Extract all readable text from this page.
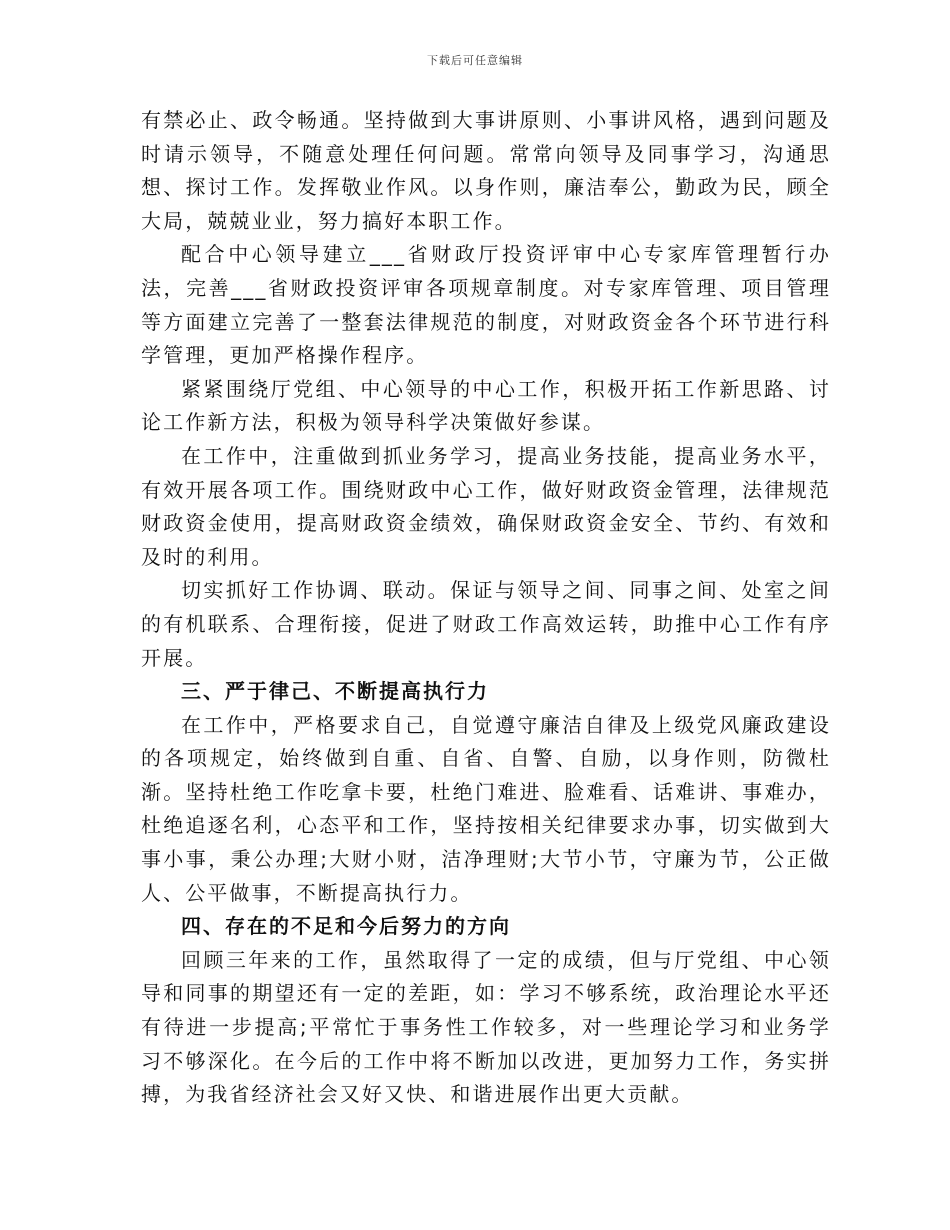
下载后可任意编辑

有禁必止、政令畅通。坚持做到大事讲原则、小事讲风格，遇到问题及时请示领导，不随意处理任何问题。常常向领导及同事学习，沟通思想、探讨工作。发挥敬业作风。以身作则，廉洁奉公，勤政为民，顾全大局，兢兢业业，努力搞好本职工作。

配合中心领导建立___省财政厅投资评审中心专家库管理暂行办法，完善___省财政投资评审各项规章制度。对专家库管理、项目管理等方面建立完善了一整套法律规范的制度，对财政资金各个环节进行科学管理，更加严格操作程序。

紧紧围绕厅党组、中心领导的中心工作，积极开拓工作新思路、讨论工作新方法，积极为领导科学决策做好参谋。

在工作中，注重做到抓业务学习，提高业务技能，提高业务水平，有效开展各项工作。围绕财政中心工作，做好财政资金管理，法律规范财政资金使用，提高财政资金绩效，确保财政资金安全、节约、有效和及时的利用。

切实抓好工作协调、联动。保证与领导之间、同事之间、处室之间的有机联系、合理衔接，促进了财政工作高效运转，助推中心工作有序开展。

三、严于律己、不断提高执行力

在工作中，严格要求自己，自觉遵守廉洁自律及上级党风廉政建设的各项规定，始终做到自重、自省、自警、自励，以身作则，防微杜渐。坚持杜绝工作吃拿卡要，杜绝门难进、脸难看、话难讲、事难办，杜绝追逐名利，心态平和工作，坚持按相关纪律要求办事，切实做到大事小事，秉公办理;大财小财，洁净理财;大节小节，守廉为节，公正做人、公平做事，不断提高执行力。

四、存在的不足和今后努力的方向

回顾三年来的工作，虽然取得了一定的成绩，但与厅党组、中心领导和同事的期望还有一定的差距，如：学习不够系统，政治理论水平还有待进一步提高;平常忙于事务性工作较多，对一些理论学习和业务学习不够深化。在今后的工作中将不断加以改进，更加努力工作，务实拼搏，为我省经济社会又好又快、和谐进展作出更大贡献。
